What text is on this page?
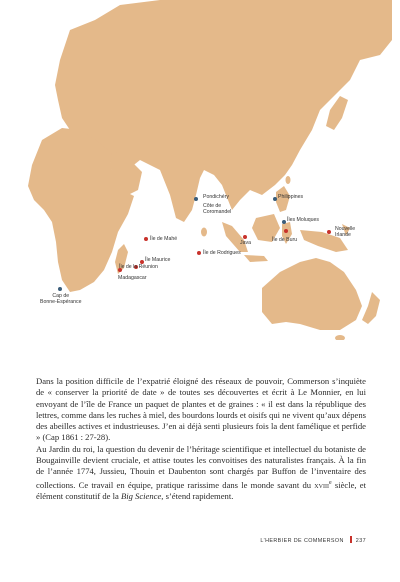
Pondichéry
Côte de
Coromandel
Philippines
Îles Moluques
Nouvelle
Irlande
Java	Île de Buru
Île de Mahé
Île de Rodrigues
Île Maurice
Île de la Réunion
Madagascar
Cap de
Bonne-Espérance

Dans la position difficile de l’expatrié éloigné des réseaux de pouvoir, Commerson s’inquiète de « conserver la priorité de date » de toutes ses découvertes et écrit à Le Monnier, en lui envoyant de l’île de France un paquet de plantes et de graines : « il est dans la république des lettres, comme dans les ruches à miel, des bourdons lourds et oisifs qui ne vivent qu’aux dépens des abeilles actives et industrieuses. J’en ai déjà senti plusieurs fois la dent famélique et perfide » (Cap 1861 : 27-28).

Au Jardin du roi, la question du devenir de l’héritage scientifique et intellectuel du botaniste de Bougainville devient cruciale, et attise toutes les convoitises des naturalistes français. À la fin de l’année 1774, Jussieu, Thouin et Daubenton sont chargés par Buffon de l’inventaire des collections. Ce travail en équipe, pratique rarissime dans le monde savant du xviii$^e$ siècle, et élément constitutif de la Big Science, s’étend rapidement.

L’HERBIER DE COMMERSON 237
